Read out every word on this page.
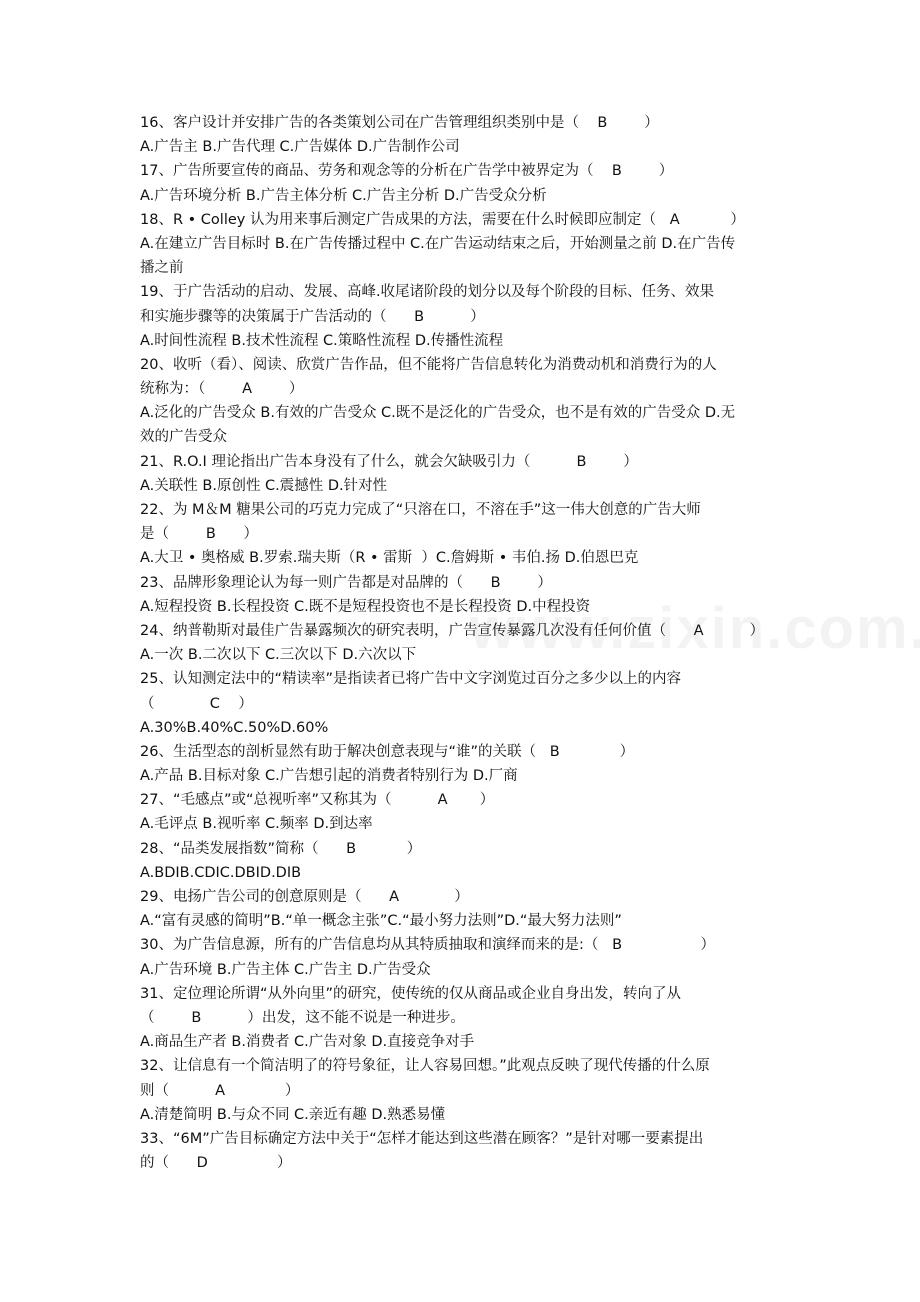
16、客户设计并安排广告的各类策划公司在广告管理组织类别中是（    B        ）
A.广告主 B.广告代理 C.广告媒体 D.广告制作公司
17、广告所要宣传的商品、劳务和观念等的分析在广告学中被界定为（    B        ）
A.广告环境分析 B.广告主体分析 C.广告主分析 D.广告受众分析
18、R • Colley 认为用来事后测定广告成果的方法，需要在什么时候即应制定（   A           ）
A.在建立广告目标时 B.在广告传播过程中 C.在广告运动结束之后，开始测量之前 D.在广告传
播之前
19、于广告活动的启动、发展、高峰.收尾诸阶段的划分以及每个阶段的目标、任务、效果
和实施步骤等的决策属于广告活动的（      B          ）
A.时间性流程 B.技术性流程 C.策略性流程 D.传播性流程
20、收听（看）、阅读、欣赏广告作品，但不能将广告信息转化为消费动机和消费行为的人
统称为：（        A        ）
A.泛化的广告受众 B.有效的广告受众 C.既不是泛化的广告受众，也不是有效的广告受众 D.无
效的广告受众
21、R.O.I 理论指出广告本身没有了什么，就会欠缺吸引力（          B        ）
A.关联性 B.原创性 C.震撼性 D.针对性
22、为 M＆M 糖果公司的巧克力完成了“只溶在口，不溶在手”这一伟大创意的广告大师
是（        B      ）
A.大卫 • 奥格威 B.罗索.瑞夫斯（R • 雷斯  ）C.詹姆斯 • 韦伯.扬 D.伯恩巴克
23、品牌形象理论认为每一则广告都是对品牌的（      B        ）
A.短程投资 B.长程投资 C.既不是短程投资也不是长程投资 D.中程投资
24、纳普勒斯对最佳广告暴露频次的研究表明，广告宣传暴露几次没有任何价值（      A          ）
A.一次 B.二次以下 C.三次以下 D.六次以下
25、认知测定法中的“精读率”是指读者已将广告中文字浏览过百分之多少以上的内容
（            C    ）
A.30%B.40%C.50%D.60%
26、生活型态的剖析显然有助于解决创意表现与“谁”的关联（   B             ）
A.产品 B.目标对象 C.广告想引起的消费者特别行为 D.厂商
27、“毛感点”或“总视听率”又称其为（          A       ）
A.毛评点 B.视听率 C.频率 D.到达率
28、“品类发展指数”简称（      B           ）
A.BDIB.CDIC.DBID.DIB
29、电扬广告公司的创意原则是（      A            ）
A.“富有灵感的简明”B.“单一概念主张”C.“最小努力法则”D.“最大努力法则”
30、为广告信息源，所有的广告信息均从其特质抽取和演绎而来的是:（   B                 ）
A.广告环境 B.广告主体 C.广告主 D.广告受众
31、定位理论所谓“从外向里”的研究，使传统的仅从商品或企业自身出发，转向了从
（        B          ）出发，这不能不说是一种进步。
A.商品生产者 B.消费者 C.广告对象 D.直接竞争对手
32、让信息有一个简洁明了的符号象征，让人容易回想。”此观点反映了现代传播的什么原
则（          A             ）
A.清楚简明 B.与众不同 C.亲近有趣 D.熟悉易懂
33、“6M”广告目标确定方法中关于“怎样才能达到这些潜在顾客？”是针对哪一要素提出
的（      D               ）
